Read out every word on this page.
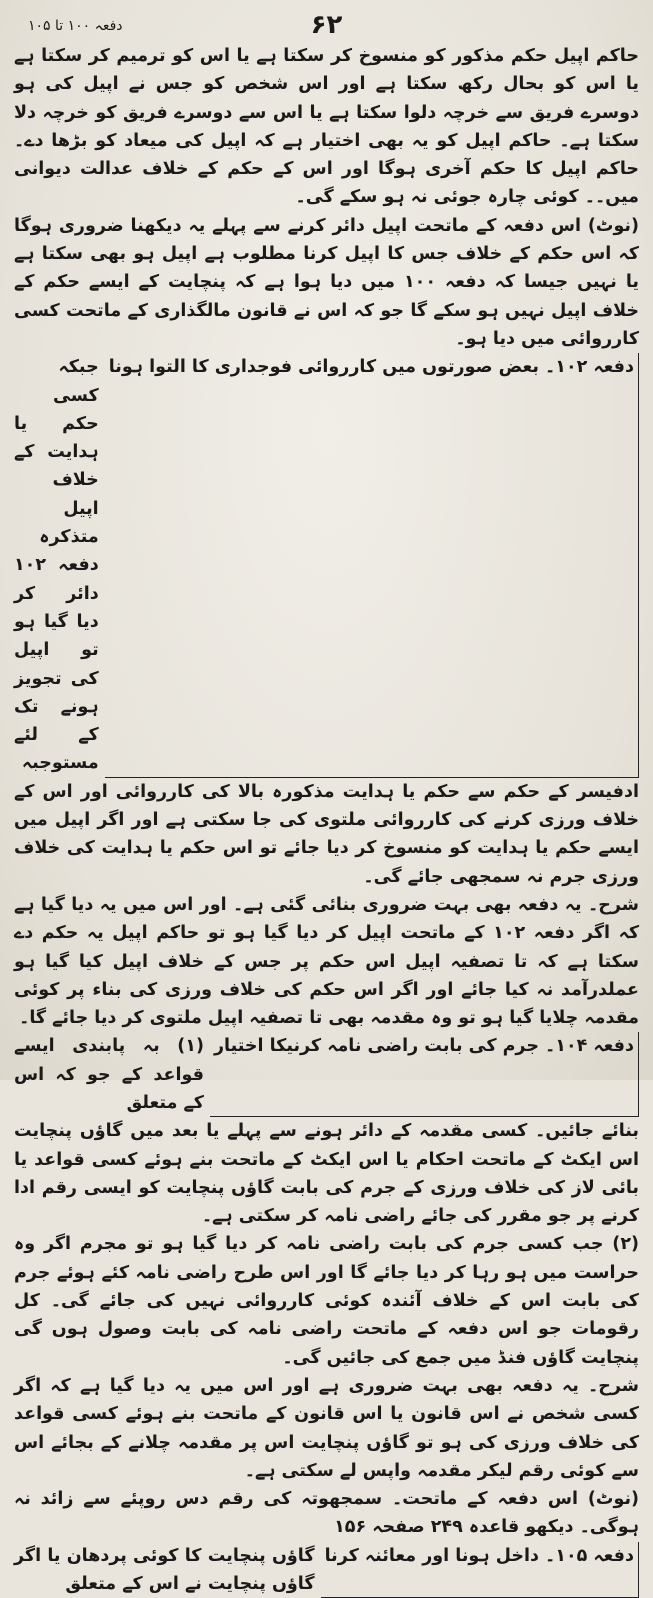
دفعہ ۱۰۰ تا ۱۰۵	۶۲

حاکم اپیل حکم مذکور کو منسوخ کر سکتا ہے یا اس کو ترمیم کر سکتا ہے یا اس کو بحال رکھ سکتا ہے اور اس شخص کو جس نے اپیل کی ہو دوسرے فریق سے خرچہ دلوا سکتا ہے یا اس سے دوسرے فریق کو خرچہ دلا سکتا ہے۔ حاکم اپیل کو یہ بھی اختیار ہے کہ اپیل کی میعاد کو بڑھا دے۔ حاکم اپیل کا حکم آخری ہوگا اور اس کے حکم کے خلاف عدالت دیوانی میں۔۔ کوئی چارہ جوئی نہ ہو سکے گی۔

(نوٹ) اس دفعہ کے ماتحت اپیل دائر کرنے سے پہلے یہ دیکھنا ضروری ہوگا کہ اس حکم کے خلاف جس کا اپیل کرنا مطلوب ہے اپیل ہو بھی سکتا ہے یا نہیں جیسا کہ دفعہ ۱۰۰ میں دیا ہوا ہے کہ پنچایت کے ایسے حکم کے خلاف اپیل نہیں ہو سکے گا جو کہ اس نے قانون مالگذاری کے ماتحت کسی کارروائی میں دیا ہو۔

دفعہ ۱۰۲۔ بعض صورتوں میں کارروائی فوجداری کا التوا ہونا
جبکہ کسی حکم یا ہدایت کے خلاف اپیل متذکرہ دفعہ ۱۰۲ دائر کر دیا گیا ہو تو اپیل کی تجویز ہونے تک کے لئے مستوجبہ

ادفیسر کے حکم سے حکم یا ہدایت مذکورہ بالا کی کارروائی اور اس کے خلاف ورزی کرنے کی کارروائی ملتوی کی جا سکتی ہے اور اگر اپیل میں ایسے حکم یا ہدایت کو منسوخ کر دیا جائے تو اس حکم یا ہدایت کی خلاف ورزی جرم نہ سمجھی جائے گی۔

شرح۔ یہ دفعہ بھی بہت ضروری بنائی گئی ہے۔ اور اس میں یہ دیا گیا ہے کہ اگر دفعہ ۱۰۲ کے ماتحت اپیل کر دیا گیا ہو تو حاکم اپیل یہ حکم دے سکتا ہے کہ تا تصفیہ اپیل اس حکم پر جس کے خلاف اپیل کیا گیا ہو عملدرآمد نہ کیا جائے اور اگر اس حکم کی خلاف ورزی کی بناء پر کوئی مقدمہ چلایا گیا ہو تو وہ مقدمہ بھی تا تصفیہ اپیل ملتوی کر دیا جائے گا۔

دفعہ ۱۰۴۔ جرم کی بابت راضی نامہ کرنیکا اختیار
(۱) بہ پابندی ایسے قواعد کے جو کہ اس کے متعلق

بنائے جائیں۔ کسی مقدمہ کے دائر ہونے سے پہلے یا بعد میں گاؤں پنچایت اس ایکٹ کے ماتحت احکام یا اس ایکٹ کے ماتحت بنے ہوئے کسی قواعد یا بائی لاز کی خلاف ورزی کے جرم کی بابت گاؤں پنچایت کو ایسی رقم ادا کرنے پر جو مقرر کی جائے راضی نامہ کر سکتی ہے۔

(۲) جب کسی جرم کی بابت راضی نامہ کر دیا گیا ہو تو مجرم اگر وہ حراست میں ہو رہا کر دیا جائے گا اور اس طرح راضی نامہ کئے ہوئے جرم کی بابت اس کے خلاف آئندہ کوئی کارروائی نہیں کی جائے گی۔ کل رقومات جو اس دفعہ کے ماتحت راضی نامہ کی بابت وصول ہوں گی پنچایت گاؤں فنڈ میں جمع کی جائیں گی۔

شرح۔ یہ دفعہ بھی بہت ضروری ہے اور اس میں یہ دیا گیا ہے کہ اگر کسی شخص نے اس قانون یا اس قانون کے ماتحت بنے ہوئے کسی قواعد کی خلاف ورزی کی ہو تو گاؤں پنچایت اس پر مقدمہ چلانے کے بجائے اس سے کوئی رقم لیکر مقدمہ واپس لے سکتی ہے۔

(نوٹ) اس دفعہ کے ماتحت۔ سمجھوتہ کی رقم دس روپئے سے زائد نہ ہوگی۔ دیکھو قاعدہ ۲۴۹ صفحہ ۱۵۶

دفعہ ۱۰۵۔ داخل ہونا اور معائنہ کرنا
گاؤں پنچایت کا کوئی پردھان یا اگر گاؤں پنچایت نے اس کے متعلق
